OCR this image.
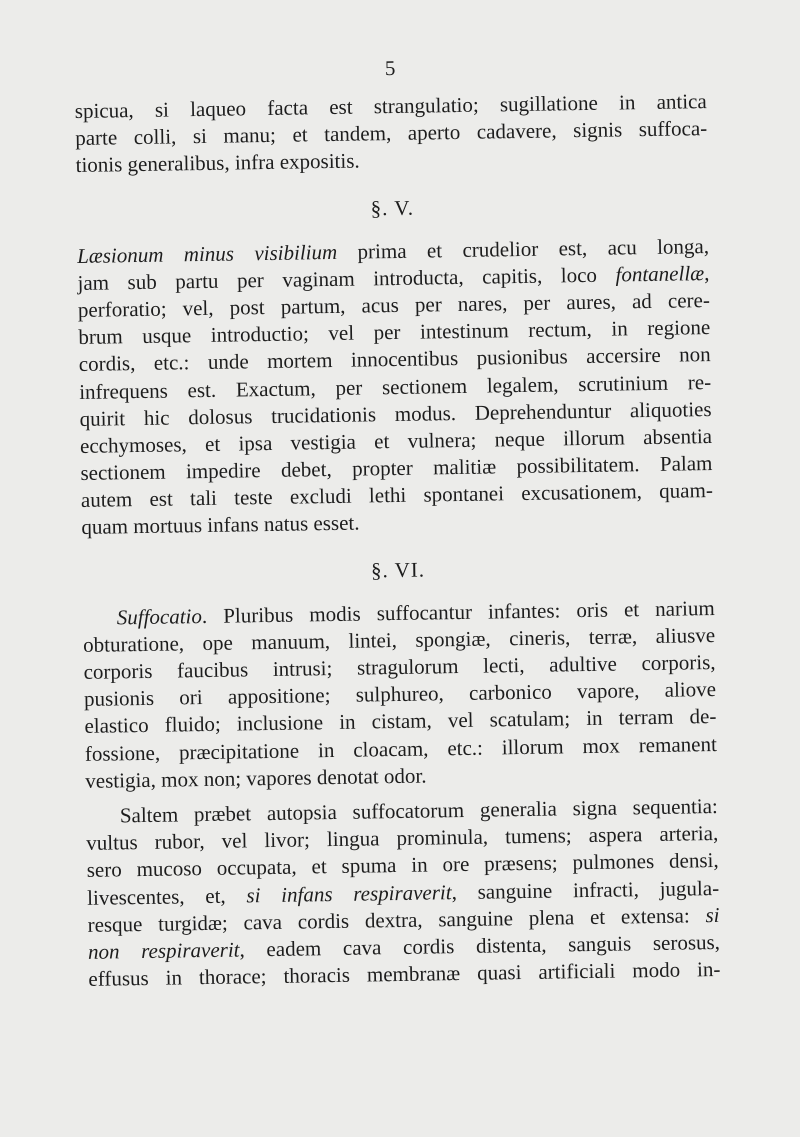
5
spicua, si laqueo facta est strangulatio; sugillatione in antica
parte colli, si manu; et tandem, aperto cadavere, signis suffoca-
tionis generalibus, infra expositis.
§. V.
Læsionum minus visibilium prima et crudelior est, acu longa,
jam sub partu per vaginam introducta, capitis, loco fontanellæ,
perforatio; vel, post partum, acus per nares, per aures, ad cere-
brum usque introductio; vel per intestinum rectum, in regione
cordis, etc.: unde mortem innocentibus pusionibus accersire non
infrequens est. Exactum, per sectionem legalem, scrutinium re-
quirit hic dolosus trucidationis modus. Deprehenduntur aliquoties
ecchymoses, et ipsa vestigia et vulnera; neque illorum absentia
sectionem impedire debet, propter malitiæ possibilitatem. Palam
autem est tali teste excludi lethi spontanei excusationem, quam-
quam mortuus infans natus esset.
§. VI.
Suffocatio. Pluribus modis suffocantur infantes: oris et narium
obturatione, ope manuum, lintei, spongiæ, cineris, terræ, aliusve
corporis faucibus intrusi; stragulorum lecti, adultive corporis,
pusionis ori appositione; sulphureo, carbonico vapore, aliove
elastico fluido; inclusione in cistam, vel scatulam; in terram de-
fossione, præcipitatione in cloacam, etc.: illorum mox remanent
vestigia, mox non; vapores denotat odor.
Saltem præbet autopsia suffocatorum generalia signa sequentia:
vultus rubor, vel livor; lingua prominula, tumens; aspera arteria,
sero mucoso occupata, et spuma in ore præsens; pulmones densi,
livescentes, et, si infans respiraverit, sanguine infracti, jugula-
resque turgidæ; cava cordis dextra, sanguine plena et extensa: si
non respiraverit, eadem cava cordis distenta, sanguis serosus,
effusus in thorace; thoracis membranæ quasi artificiali modo in-
